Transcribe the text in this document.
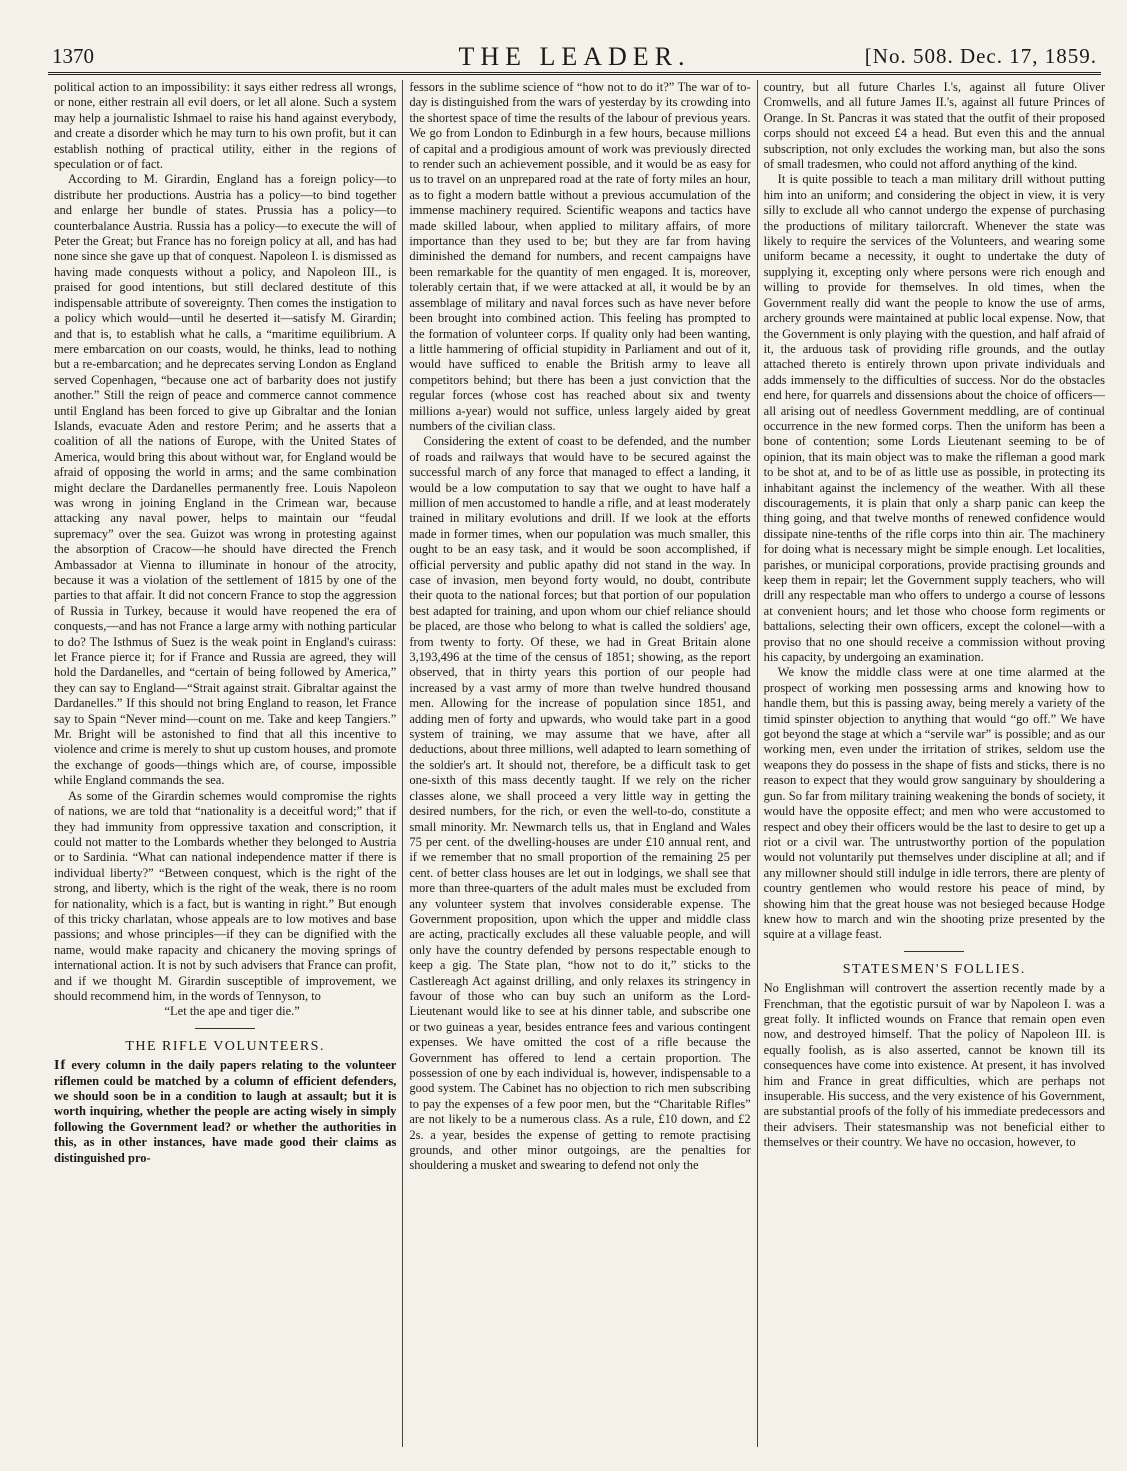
1370	THE LEADER.	[No. 508. Dec. 17, 1859.

political action to an impossibility: it says either redress all wrongs, or none, either restrain all evil doers, or let all alone. Such a system may help a journalistic Ishmael to raise his hand against everybody, and create a disorder which he may turn to his own profit, but it can establish nothing of practical utility, either in the regions of speculation or of fact.

According to M. Girardin, England has a foreign policy—to distribute her productions. Austria has a policy—to bind together and enlarge her bundle of states. Prussia has a policy—to counterbalance Austria. Russia has a policy—to execute the will of Peter the Great; but France has no foreign policy at all, and has had none since she gave up that of conquest. Napoleon I. is dismissed as having made conquests without a policy, and Napoleon III., is praised for good intentions, but still declared destitute of this indispensable attribute of sovereignty. Then comes the instigation to a policy which would—until he deserted it—satisfy M. Girardin; and that is, to establish what he calls, a “maritime equilibrium. A mere embarcation on our coasts, would, he thinks, lead to nothing but a re-embarcation; and he deprecates serving London as England served Copenhagen, “because one act of barbarity does not justify another.” Still the reign of peace and commerce cannot commence until England has been forced to give up Gibraltar and the Ionian Islands, evacuate Aden and restore Perim; and he asserts that a coalition of all the nations of Europe, with the United States of America, would bring this about without war, for England would be afraid of opposing the world in arms; and the same combination might declare the Dardanelles permanently free. Louis Napoleon was wrong in joining England in the Crimean war, because attacking any naval power, helps to maintain our “feudal supremacy” over the sea. Guizot was wrong in protesting against the absorption of Cracow—he should have directed the French Ambassador at Vienna to illuminate in honour of the atrocity, because it was a violation of the settlement of 1815 by one of the parties to that affair. It did not concern France to stop the aggression of Russia in Turkey, because it would have reopened the era of conquests,—and has not France a large army with nothing particular to do? The Isthmus of Suez is the weak point in England's cuirass: let France pierce it; for if France and Russia are agreed, they will hold the Dardanelles, and “certain of being followed by America,” they can say to England—“Strait against strait. Gibraltar against the Dardanelles.” If this should not bring England to reason, let France say to Spain “Never mind—count on me. Take and keep Tangiers.” Mr. Bright will be astonished to find that all this incentive to violence and crime is merely to shut up custom houses, and promote the exchange of goods—things which are, of course, impossible while England commands the sea.

As some of the Girardin schemes would compromise the rights of nations, we are told that “nationality is a deceitful word;” that if they had immunity from oppressive taxation and conscription, it could not matter to the Lombards whether they belonged to Austria or to Sardinia. “What can national independence matter if there is individual liberty?” “Between conquest, which is the right of the strong, and liberty, which is the right of the weak, there is no room for nationality, which is a fact, but is wanting in right.” But enough of this tricky charlatan, whose appeals are to low motives and base passions; and whose principles—if they can be dignified with the name, would make rapacity and chicanery the moving springs of international action. It is not by such advisers that France can profit, and if we thought M. Girardin susceptible of improvement, we should recommend him, in the words of Tennyson, to

“Let the ape and tiger die.”

THE RIFLE VOLUNTEERS.

If every column in the daily papers relating to the volunteer riflemen could be matched by a column of efficient defenders, we should soon be in a condition to laugh at assault; but it is worth inquiring, whether the people are acting wisely in simply following the Government lead? or whether the authorities in this, as in other instances, have made good their claims as distinguished pro-

fessors in the sublime science of “how not to do it?” The war of to-day is distinguished from the wars of yesterday by its crowding into the shortest space of time the results of the labour of previous years. We go from London to Edinburgh in a few hours, because millions of capital and a prodigious amount of work was previously directed to render such an achievement possible, and it would be as easy for us to travel on an unprepared road at the rate of forty miles an hour, as to fight a modern battle without a previous accumulation of the immense machinery required. Scientific weapons and tactics have made skilled labour, when applied to military affairs, of more importance than they used to be; but they are far from having diminished the demand for numbers, and recent campaigns have been remarkable for the quantity of men engaged. It is, moreover, tolerably certain that, if we were attacked at all, it would be by an assemblage of military and naval forces such as have never before been brought into combined action. This feeling has prompted to the formation of volunteer corps. If quality only had been wanting, a little hammering of official stupidity in Parliament and out of it, would have sufficed to enable the British army to leave all competitors behind; but there has been a just conviction that the regular forces (whose cost has reached about six and twenty millions a-year) would not suffice, unless largely aided by great numbers of the civilian class.

Considering the extent of coast to be defended, and the number of roads and railways that would have to be secured against the successful march of any force that managed to effect a landing, it would be a low computation to say that we ought to have half a million of men accustomed to handle a rifle, and at least moderately trained in military evolutions and drill. If we look at the efforts made in former times, when our population was much smaller, this ought to be an easy task, and it would be soon accomplished, if official perversity and public apathy did not stand in the way. In case of invasion, men beyond forty would, no doubt, contribute their quota to the national forces; but that portion of our population best adapted for training, and upon whom our chief reliance should be placed, are those who belong to what is called the soldiers' age, from twenty to forty. Of these, we had in Great Britain alone 3,193,496 at the time of the census of 1851; showing, as the report observed, that in thirty years this portion of our people had increased by a vast army of more than twelve hundred thousand men. Allowing for the increase of population since 1851, and adding men of forty and upwards, who would take part in a good system of training, we may assume that we have, after all deductions, about three millions, well adapted to learn something of the soldier's art. It should not, therefore, be a difficult task to get one-sixth of this mass decently taught. If we rely on the richer classes alone, we shall proceed a very little way in getting the desired numbers, for the rich, or even the well-to-do, constitute a small minority. Mr. Newmarch tells us, that in England and Wales 75 per cent. of the dwelling-houses are under £10 annual rent, and if we remember that no small proportion of the remaining 25 per cent. of better class houses are let out in lodgings, we shall see that more than three-quarters of the adult males must be excluded from any volunteer system that involves considerable expense. The Government proposition, upon which the upper and middle class are acting, practically excludes all these valuable people, and will only have the country defended by persons respectable enough to keep a gig. The State plan, “how not to do it,” sticks to the Castlereagh Act against drilling, and only relaxes its stringency in favour of those who can buy such an uniform as the Lord-Lieutenant would like to see at his dinner table, and subscribe one or two guineas a year, besides entrance fees and various contingent expenses. We have omitted the cost of a rifle because the Government has offered to lend a certain proportion. The possession of one by each individual is, however, indispensable to a good system. The Cabinet has no objection to rich men subscribing to pay the expenses of a few poor men, but the “Charitable Rifles” are not likely to be a numerous class. As a rule, £10 down, and £2 2s. a year, besides the expense of getting to remote practising grounds, and other minor outgoings, are the penalties for shouldering a musket and swearing to defend not only the

country, but all future Charles I.'s, against all future Oliver Cromwells, and all future James II.'s, against all future Princes of Orange. In St. Pancras it was stated that the outfit of their proposed corps should not exceed £4 a head. But even this and the annual subscription, not only excludes the working man, but also the sons of small tradesmen, who could not afford anything of the kind.

It is quite possible to teach a man military drill without putting him into an uniform; and considering the object in view, it is very silly to exclude all who cannot undergo the expense of purchasing the productions of military tailorcraft. Whenever the state was likely to require the services of the Volunteers, and wearing some uniform became a necessity, it ought to undertake the duty of supplying it, excepting only where persons were rich enough and willing to provide for themselves. In old times, when the Government really did want the people to know the use of arms, archery grounds were maintained at public local expense. Now, that the Government is only playing with the question, and half afraid of it, the arduous task of providing rifle grounds, and the outlay attached thereto is entirely thrown upon private individuals and adds immensely to the difficulties of success. Nor do the obstacles end here, for quarrels and dissensions about the choice of officers—all arising out of needless Government meddling, are of continual occurrence in the new formed corps. Then the uniform has been a bone of contention; some Lords Lieutenant seeming to be of opinion, that its main object was to make the rifleman a good mark to be shot at, and to be of as little use as possible, in protecting its inhabitant against the inclemency of the weather. With all these discouragements, it is plain that only a sharp panic can keep the thing going, and that twelve months of renewed confidence would dissipate nine-tenths of the rifle corps into thin air. The machinery for doing what is necessary might be simple enough. Let localities, parishes, or municipal corporations, provide practising grounds and keep them in repair; let the Government supply teachers, who will drill any respectable man who offers to undergo a course of lessons at convenient hours; and let those who choose form regiments or battalions, selecting their own officers, except the colonel—with a proviso that no one should receive a commission without proving his capacity, by undergoing an examination.

We know the middle class were at one time alarmed at the prospect of working men possessing arms and knowing how to handle them, but this is passing away, being merely a variety of the timid spinster objection to anything that would “go off.” We have got beyond the stage at which a “servile war” is possible; and as our working men, even under the irritation of strikes, seldom use the weapons they do possess in the shape of fists and sticks, there is no reason to expect that they would grow sanguinary by shouldering a gun. So far from military training weakening the bonds of society, it would have the opposite effect; and men who were accustomed to respect and obey their officers would be the last to desire to get up a riot or a civil war. The untrustworthy portion of the population would not voluntarily put themselves under discipline at all; and if any millowner should still indulge in idle terrors, there are plenty of country gentlemen who would restore his peace of mind, by showing him that the great house was not besieged because Hodge knew how to march and win the shooting prize presented by the squire at a village feast.

STATESMEN'S FOLLIES.

No Englishman will controvert the assertion recently made by a Frenchman, that the egotistic pursuit of war by Napoleon I. was a great folly. It inflicted wounds on France that remain open even now, and destroyed himself. That the policy of Napoleon III. is equally foolish, as is also asserted, cannot be known till its consequences have come into existence. At present, it has involved him and France in great difficulties, which are perhaps not insuperable. His success, and the very existence of his Government, are substantial proofs of the folly of his immediate predecessors and their advisers. Their statesmanship was not beneficial either to themselves or their country. We have no occasion, however, to
